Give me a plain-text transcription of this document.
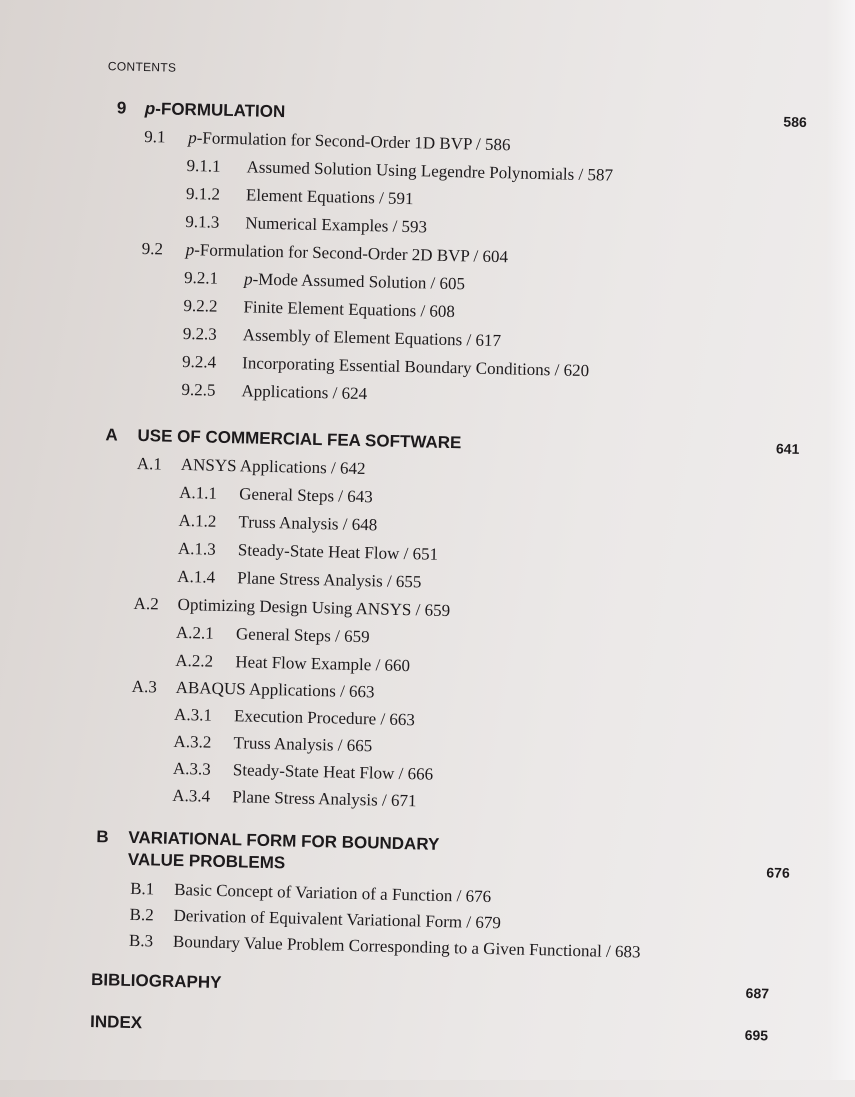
CONTENTS
9 p-FORMULATION
586
9.1 p-Formulation for Second-Order 1D BVP / 586
9.1.1 Assumed Solution Using Legendre Polynomials / 587
9.1.2 Element Equations / 591
9.1.3 Numerical Examples / 593
9.2 p-Formulation for Second-Order 2D BVP / 604
9.2.1 p-Mode Assumed Solution / 605
9.2.2 Finite Element Equations / 608
9.2.3 Assembly of Element Equations / 617
9.2.4 Incorporating Essential Boundary Conditions / 620
9.2.5 Applications / 624
A USE OF COMMERCIAL FEA SOFTWARE	641
A.1 ANSYS Applications / 642
A.1.1 General Steps / 643
A.1.2 Truss Analysis / 648
A.1.3 Steady-State Heat Flow / 651
A.1.4 Plane Stress Analysis / 655
A.2 Optimizing Design Using ANSYS / 659
A.2.1 General Steps / 659
A.2.2 Heat Flow Example / 660
A.3 ABAQUS Applications / 663
A.3.1 Execution Procedure / 663
A.3.2 Truss Analysis / 665
A.3.3 Steady-State Heat Flow / 666
A.3.4 Plane Stress Analysis / 671
B VARIATIONAL FORM FOR BOUNDARY
VALUE PROBLEMS
676
B.1 Basic Concept of Variation of a Function / 676
B.2 Derivation of Equivalent Variational Form / 679
B.3 Boundary Value Problem Corresponding to a Given Functional / 683
BIBLIOGRAPHY
687
INDEX
695
